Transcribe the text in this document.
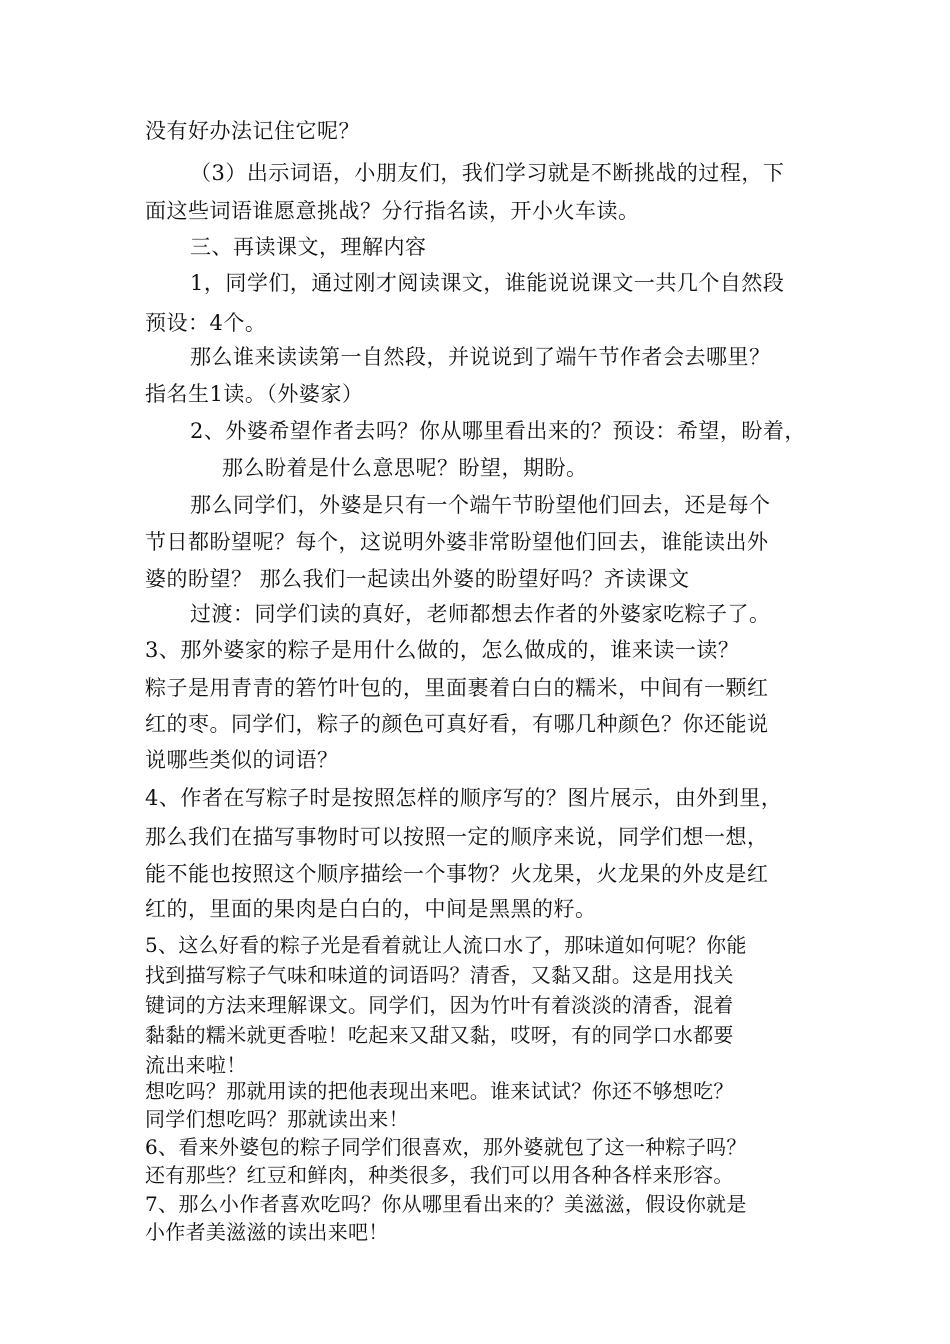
没有好办法记住它呢？
（3）出示词语，小朋友们，我们学习就是不断挑战的过程，下
面这些词语谁愿意挑战？分行指名读，开小火车读。
三、再读课文，理解内容
1，同学们，通过刚才阅读课文，谁能说说课文一共几个自然段
预设：4个。
那么谁来读读第一自然段，并说说到了端午节作者会去哪里？
指名生1读。（外婆家）
2、外婆希望作者去吗？你从哪里看出来的？预设：希望，盼着，
那么盼着是什么意思呢？盼望，期盼。
那么同学们，外婆是只有一个端午节盼望他们回去，还是每个
节日都盼望呢？每个，这说明外婆非常盼望他们回去，谁能读出外
婆的盼望？ 那么我们一起读出外婆的盼望好吗？齐读课文
过渡：同学们读的真好，老师都想去作者的外婆家吃粽子了。
3、那外婆家的粽子是用什么做的，怎么做成的，谁来读一读？
粽子是用青青的箬竹叶包的，里面裹着白白的糯米，中间有一颗红
红的枣。同学们，粽子的颜色可真好看，有哪几种颜色？你还能说
说哪些类似的词语？
4、作者在写粽子时是按照怎样的顺序写的？图片展示，由外到里，
那么我们在描写事物时可以按照一定的顺序来说，同学们想一想，
能不能也按照这个顺序描绘一个事物？火龙果，火龙果的外皮是红
红的，里面的果肉是白白的，中间是黑黑的籽。
5、这么好看的粽子光是看着就让人流口水了，那味道如何呢？你能
找到描写粽子气味和味道的词语吗？清香，又黏又甜。这是用找关
键词的方法来理解课文。同学们，因为竹叶有着淡淡的清香，混着
黏黏的糯米就更香啦！吃起来又甜又黏，哎呀，有的同学口水都要
流出来啦！
想吃吗？那就用读的把他表现出来吧。谁来试试？你还不够想吃？
同学们想吃吗？那就读出来！
6、看来外婆包的粽子同学们很喜欢，那外婆就包了这一种粽子吗？
还有那些？红豆和鲜肉，种类很多，我们可以用各种各样来形容。
7、那么小作者喜欢吃吗？你从哪里看出来的？美滋滋，假设你就是
小作者美滋滋的读出来吧！
